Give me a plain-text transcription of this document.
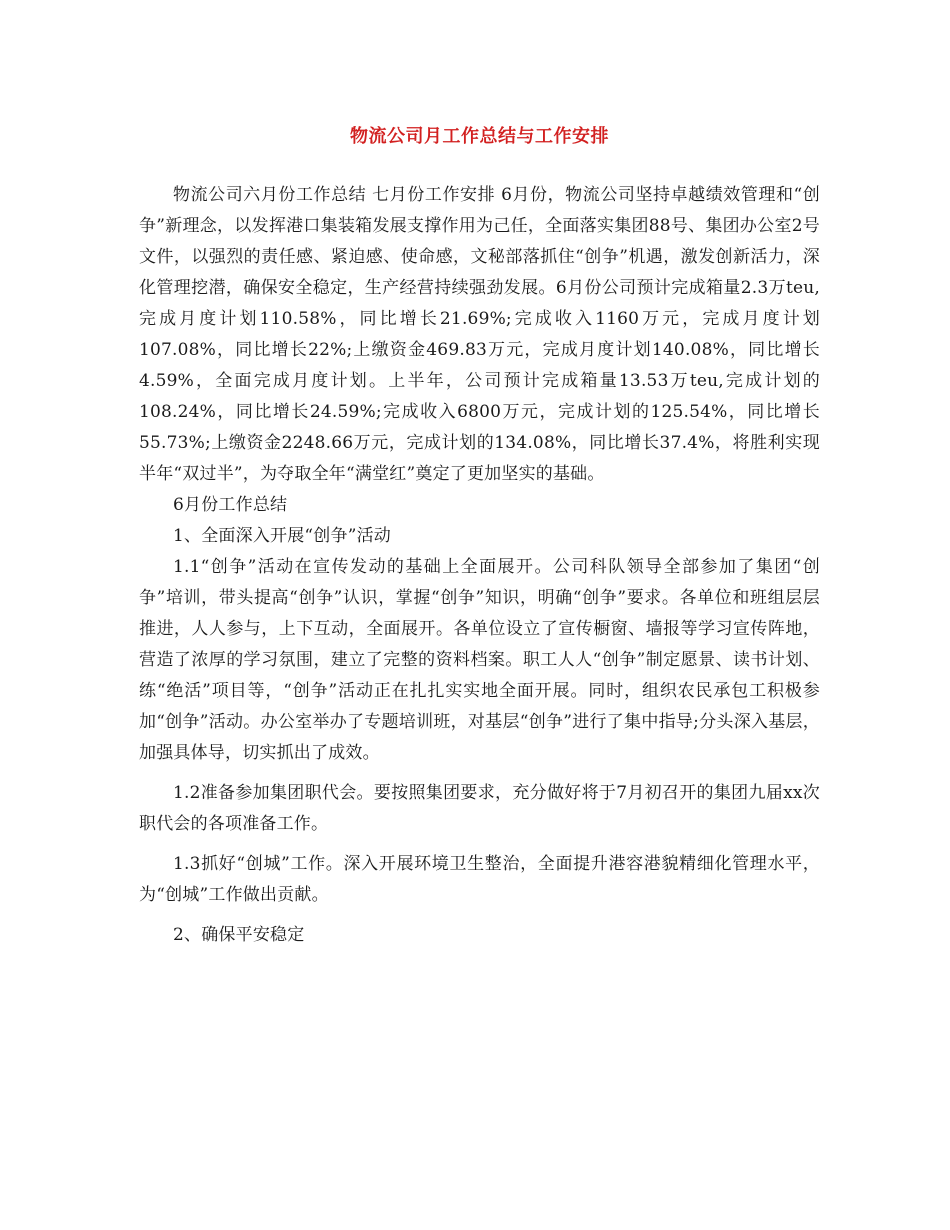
物流公司月工作总结与工作安排

物流公司六月份工作总结 七月份工作安排 6月份，物流公司坚持卓越绩效管理和“创争”新理念，以发挥港口集装箱发展支撑作用为己任，全面落实集团88号、集团办公室2号文件，以强烈的责任感、紧迫感、使命感，文秘部落抓住“创争”机遇，激发创新活力，深化管理挖潜，确保安全稳定，生产经营持续强劲发展。6月份公司预计完成箱量2.3万teu,完成月度计划110.58%，同比增长21.69%;完成收入1160万元，完成月度计划107.08%，同比增长22%;上缴资金469.83万元，完成月度计划140.08%，同比增长4.59%，全面完成月度计划。上半年，公司预计完成箱量13.53万teu,完成计划的108.24%，同比增长24.59%;完成收入6800万元，完成计划的125.54%，同比增长55.73%;上缴资金2248.66万元，完成计划的134.08%，同比增长37.4%，将胜利实现半年“双过半”，为夺取全年“满堂红”奠定了更加坚实的基础。

6月份工作总结

1、全面深入开展“创争”活动

1.1“创争”活动在宣传发动的基础上全面展开。公司科队领导全部参加了集团“创争”培训，带头提高“创争”认识，掌握“创争”知识，明确“创争”要求。各单位和班组层层推进，人人参与，上下互动，全面展开。各单位设立了宣传橱窗、墙报等学习宣传阵地，营造了浓厚的学习氛围，建立了完整的资料档案。职工人人“创争”制定愿景、读书计划、练“绝活”项目等，“创争”活动正在扎扎实实地全面开展。同时，组织农民承包工积极参加“创争”活动。办公室举办了专题培训班，对基层“创争”进行了集中指导;分头深入基层，加强具体导，切实抓出了成效。

1.2准备参加集团职代会。要按照集团要求，充分做好将于7月初召开的集团九届xx次职代会的各项准备工作。

1.3抓好“创城”工作。深入开展环境卫生整治，全面提升港容港貌精细化管理水平，为“创城”工作做出贡献。

2、确保平安稳定
